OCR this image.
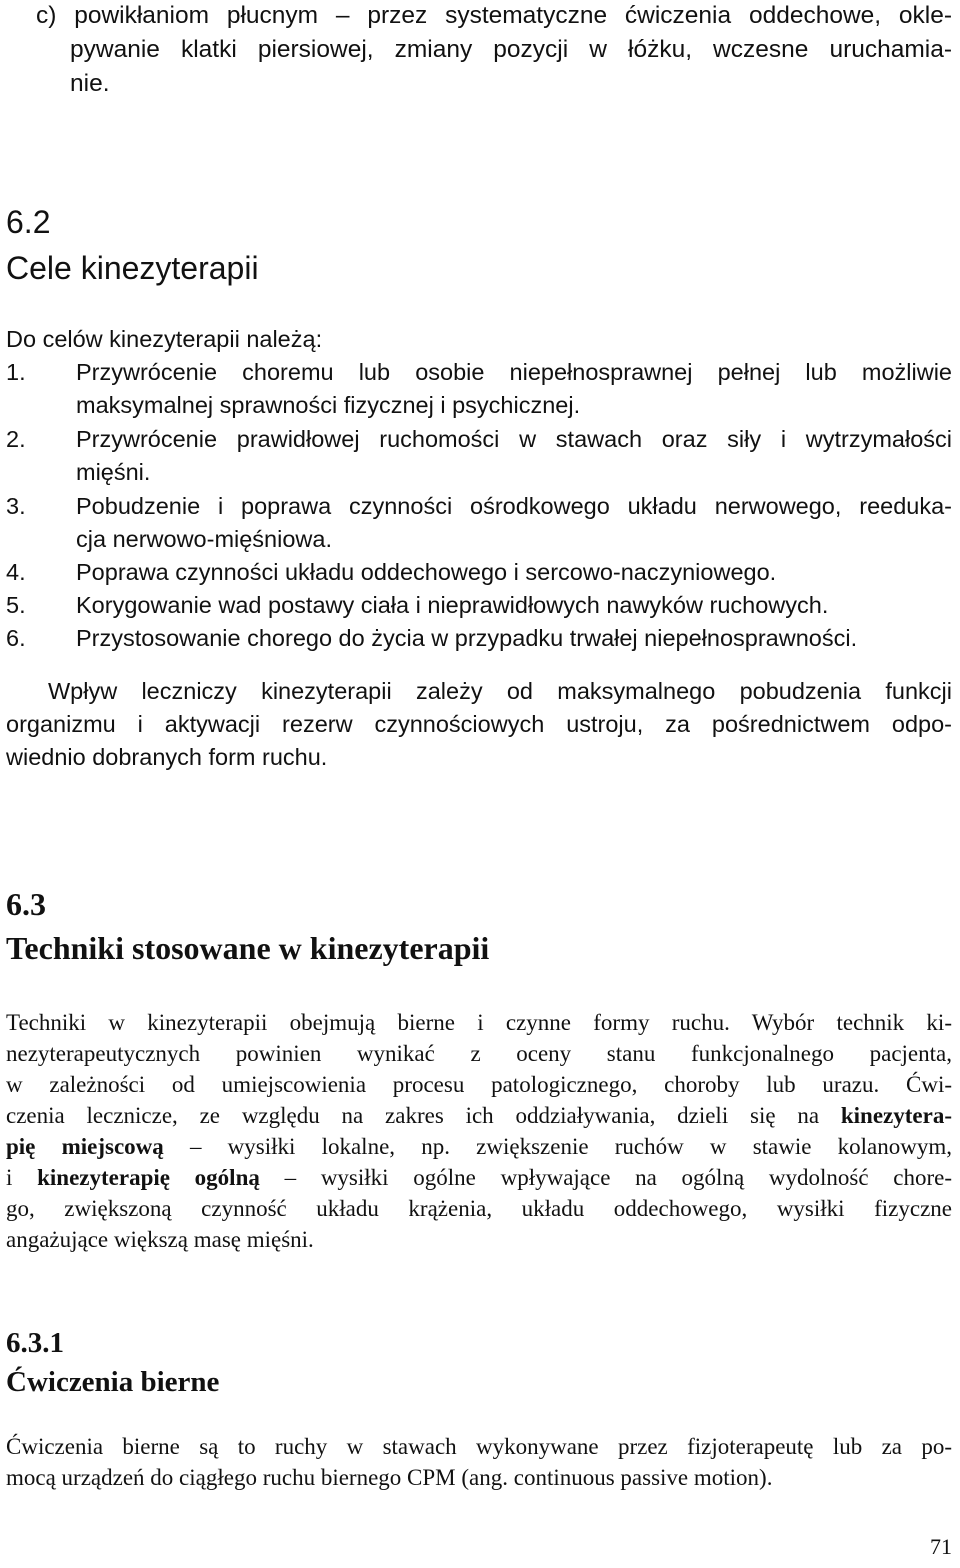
c) powikłaniom płucnym – przez systematyczne ćwiczenia oddechowe, okle-
pywanie klatki piersiowej, zmiany pozycji w łóżku, wczesne uruchamia-
nie.
6.2
Cele kinezyterapii
Do celów kinezyterapii należą:
1. Przywrócenie choremu lub osobie niepełnosprawnej pełnej lub możliwie
maksymalnej sprawności fizycznej i psychicznej.
2. Przywrócenie prawidłowej ruchomości w stawach oraz siły i wytrzymałości
mięśni.
3. Pobudzenie i poprawa czynności ośrodkowego układu nerwowego, reeduka-
cja nerwowo-mięśniowa.
4. Poprawa czynności układu oddechowego i sercowo-naczyniowego.
5. Korygowanie wad postawy ciała i nieprawidłowych nawyków ruchowych.
6. Przystosowanie chorego do życia w przypadku trwałej niepełnosprawności.
Wpływ leczniczy kinezyterapii zależy od maksymalnego pobudzenia funkcji
organizmu i aktywacji rezerw czynnościowych ustroju, za pośrednictwem odpo-
wiednio dobranych form ruchu.
6.3
Techniki stosowane w kinezyterapii
Techniki w kinezyterapii obejmują bierne i czynne formy ruchu. Wybór technik ki-
nezyterapeutycznych powinien wynikać z oceny stanu funkcjonalnego pacjenta,
w zależności od umiejscowienia procesu patologicznego, choroby lub urazu. Ćwi-
czenia lecznicze, ze względu na zakres ich oddziaływania, dzieli się na kinezytera-
pię miejscową – wysiłki lokalne, np. zwiększenie ruchów w stawie kolanowym,
i kinezyterapię ogólną – wysiłki ogólne wpływające na ogólną wydolność chore-
go, zwiększoną czynność układu krążenia, układu oddechowego, wysiłki fizyczne
angażujące większą masę mięśni.
6.3.1
Ćwiczenia bierne
Ćwiczenia bierne są to ruchy w stawach wykonywane przez fizjoterapeutę lub za po-
mocą urządzeń do ciągłego ruchu biernego CPM (ang. continuous passive motion).
71
